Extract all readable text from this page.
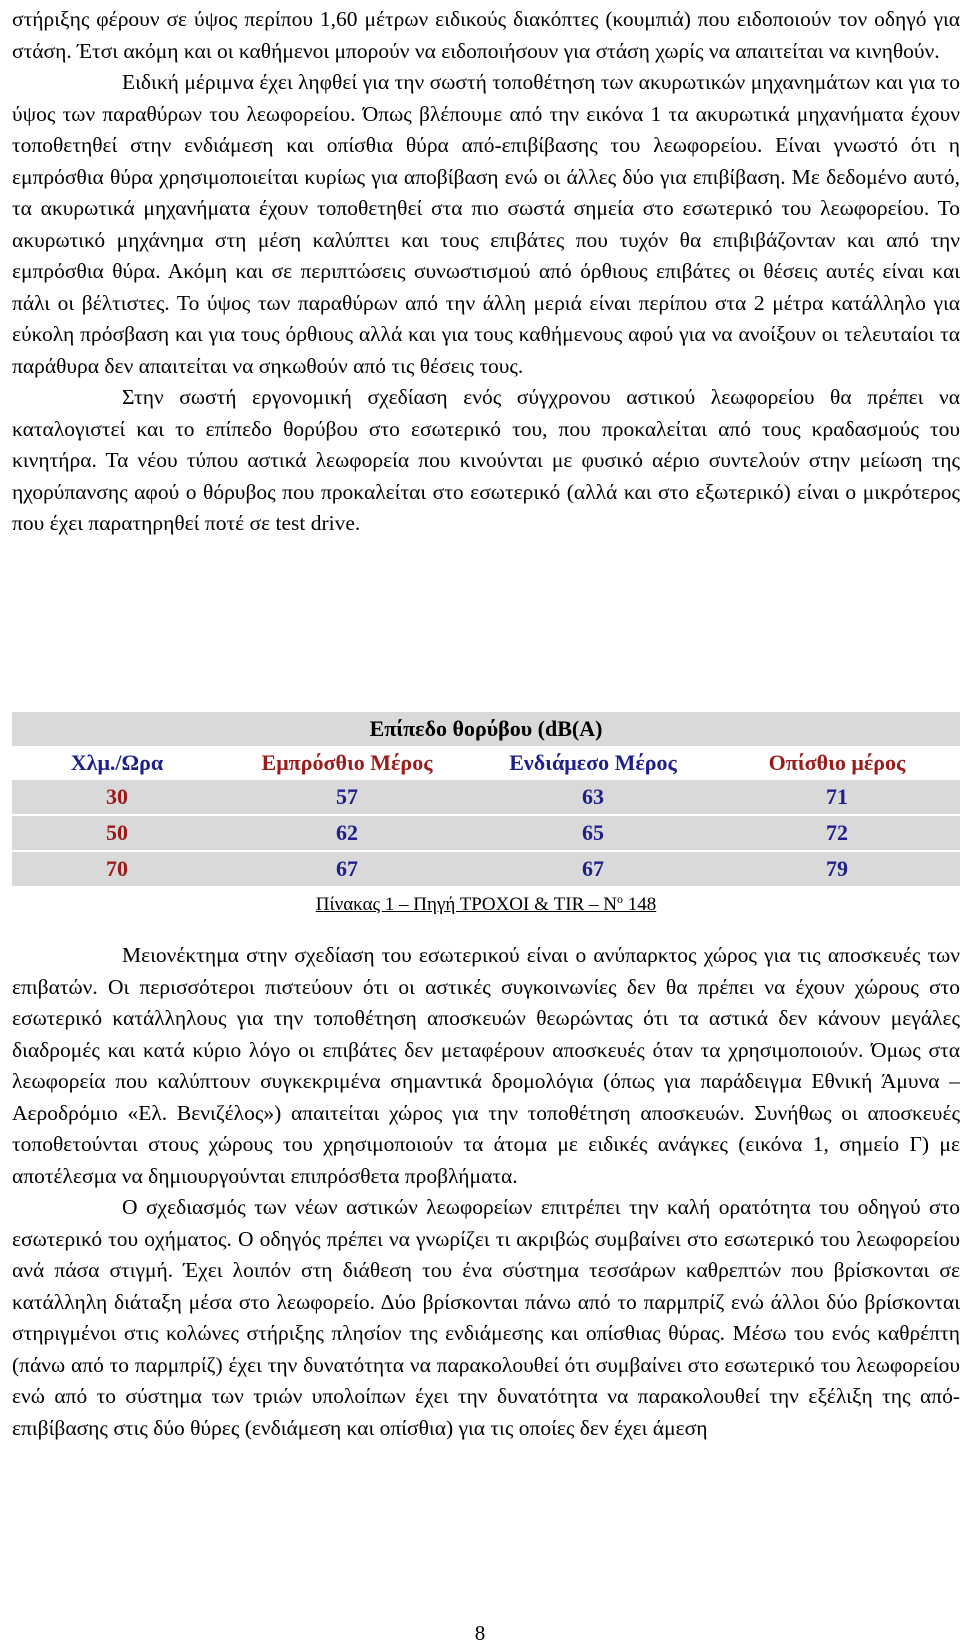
στήριξης φέρουν σε ύψος περίπου 1,60 μέτρων ειδικούς διακόπτες (κουμπιά) που ειδοποιούν τον οδηγό για στάση. Έτσι ακόμη και οι καθήμενοι μπορούν να ειδοποιήσουν για στάση χωρίς να απαιτείται να κινηθούν.

Ειδική μέριμνα έχει ληφθεί για την σωστή τοποθέτηση των ακυρωτικών μηχανημάτων και για το ύψος των παραθύρων του λεωφορείου. Όπως βλέπουμε από την εικόνα 1 τα ακυρωτικά μηχανήματα έχουν τοποθετηθεί στην ενδιάμεση και οπίσθια θύρα από-επιβίβασης του λεωφορείου. Είναι γνωστό ότι η εμπρόσθια θύρα χρησιμοποιείται κυρίως για αποβίβαση ενώ οι άλλες δύο για επιβίβαση. Με δεδομένο αυτό, τα ακυρωτικά μηχανήματα έχουν τοποθετηθεί στα πιο σωστά σημεία στο εσωτερικό του λεωφορείου. Το ακυρωτικό μηχάνημα στη μέση καλύπτει και τους επιβάτες που τυχόν θα επιβιβάζονταν και από την εμπρόσθια θύρα. Ακόμη και σε περιπτώσεις συνωστισμού από όρθιους επιβάτες οι θέσεις αυτές είναι και πάλι οι βέλτιστες. Το ύψος των παραθύρων από την άλλη μεριά είναι περίπου στα 2 μέτρα κατάλληλο για εύκολη πρόσβαση και για τους όρθιους αλλά και για τους καθήμενους αφού για να ανοίξουν οι τελευταίοι τα παράθυρα δεν απαιτείται να σηκωθούν από τις θέσεις τους.

Στην σωστή εργονομική σχεδίαση ενός σύγχρονου αστικού λεωφορείου θα πρέπει να καταλογιστεί και το επίπεδο θορύβου στο εσωτερικό του, που προκαλείται από τους κραδασμούς του κινητήρα. Τα νέου τύπου αστικά λεωφορεία που κινούνται με φυσικό αέριο συντελούν στην μείωση της ηχορύπανσης αφού ο θόρυβος που προκαλείται στο εσωτερικό (αλλά και στο εξωτερικό) είναι ο μικρότερος που έχει παρατηρηθεί ποτέ σε test drive.

Επίπεδο θορύβου (dB(A)			
Χλμ./Ωρα	Εμπρόσθιο Μέρος	Ενδιάμεσο Μέρος	Οπίσθιο μέρος
30	57	63	71

50	62	65	72

70	67	67	79
Πίνακας 1 – Πηγή ΤΡΟΧΟΙ & TIR – $N^o$ 148

Μειονέκτημα στην σχεδίαση του εσωτερικού είναι ο ανύπαρκτος χώρος για τις αποσκευές των επιβατών. Οι περισσότεροι πιστεύουν ότι οι αστικές συγκοινωνίες δεν θα πρέπει να έχουν χώρους στο εσωτερικό κατάλληλους για την τοποθέτηση αποσκευών θεωρώντας ότι τα αστικά δεν κάνουν μεγάλες διαδρομές και κατά κύριο λόγο οι επιβάτες δεν μεταφέρουν αποσκευές όταν τα χρησιμοποιούν. Όμως στα λεωφορεία που καλύπτουν συγκεκριμένα σημαντικά δρομολόγια (όπως για παράδειγμα Εθνική Άμυνα – Αεροδρόμιο «Ελ. Βενιζέλος») απαιτείται χώρος για την τοποθέτηση αποσκευών. Συνήθως οι αποσκευές τοποθετούνται στους χώρους του χρησιμοποιούν τα άτομα με ειδικές ανάγκες (εικόνα 1, σημείο Γ) με αποτέλεσμα να δημιουργούνται επιπρόσθετα προβλήματα.

Ο σχεδιασμός των νέων αστικών λεωφορείων επιτρέπει την καλή ορατότητα του οδηγού στο εσωτερικό του οχήματος. Ο οδηγός πρέπει να γνωρίζει τι ακριβώς συμβαίνει στο εσωτερικό του λεωφορείου ανά πάσα στιγμή. Έχει λοιπόν στη διάθεση του ένα σύστημα τεσσάρων καθρεπτών που βρίσκονται σε κατάλληλη διάταξη μέσα στο λεωφορείο. Δύο βρίσκονται πάνω από το παρμπρίζ ενώ άλλοι δύο βρίσκονται στηριγμένοι στις κολώνες στήριξης πλησίον της ενδιάμεσης και οπίσθιας θύρας. Μέσω του ενός καθρέπτη (πάνω από το παρμπρίζ) έχει την δυνατότητα να παρακολουθεί ότι συμβαίνει στο εσωτερικό του λεωφορείου ενώ από το σύστημα των τριών υπολοίπων έχει την δυνατότητα να παρακολουθεί την εξέλιξη της από- επιβίβασης στις δύο θύρες (ενδιάμεση και οπίσθια) για τις οποίες δεν έχει άμεση

8
